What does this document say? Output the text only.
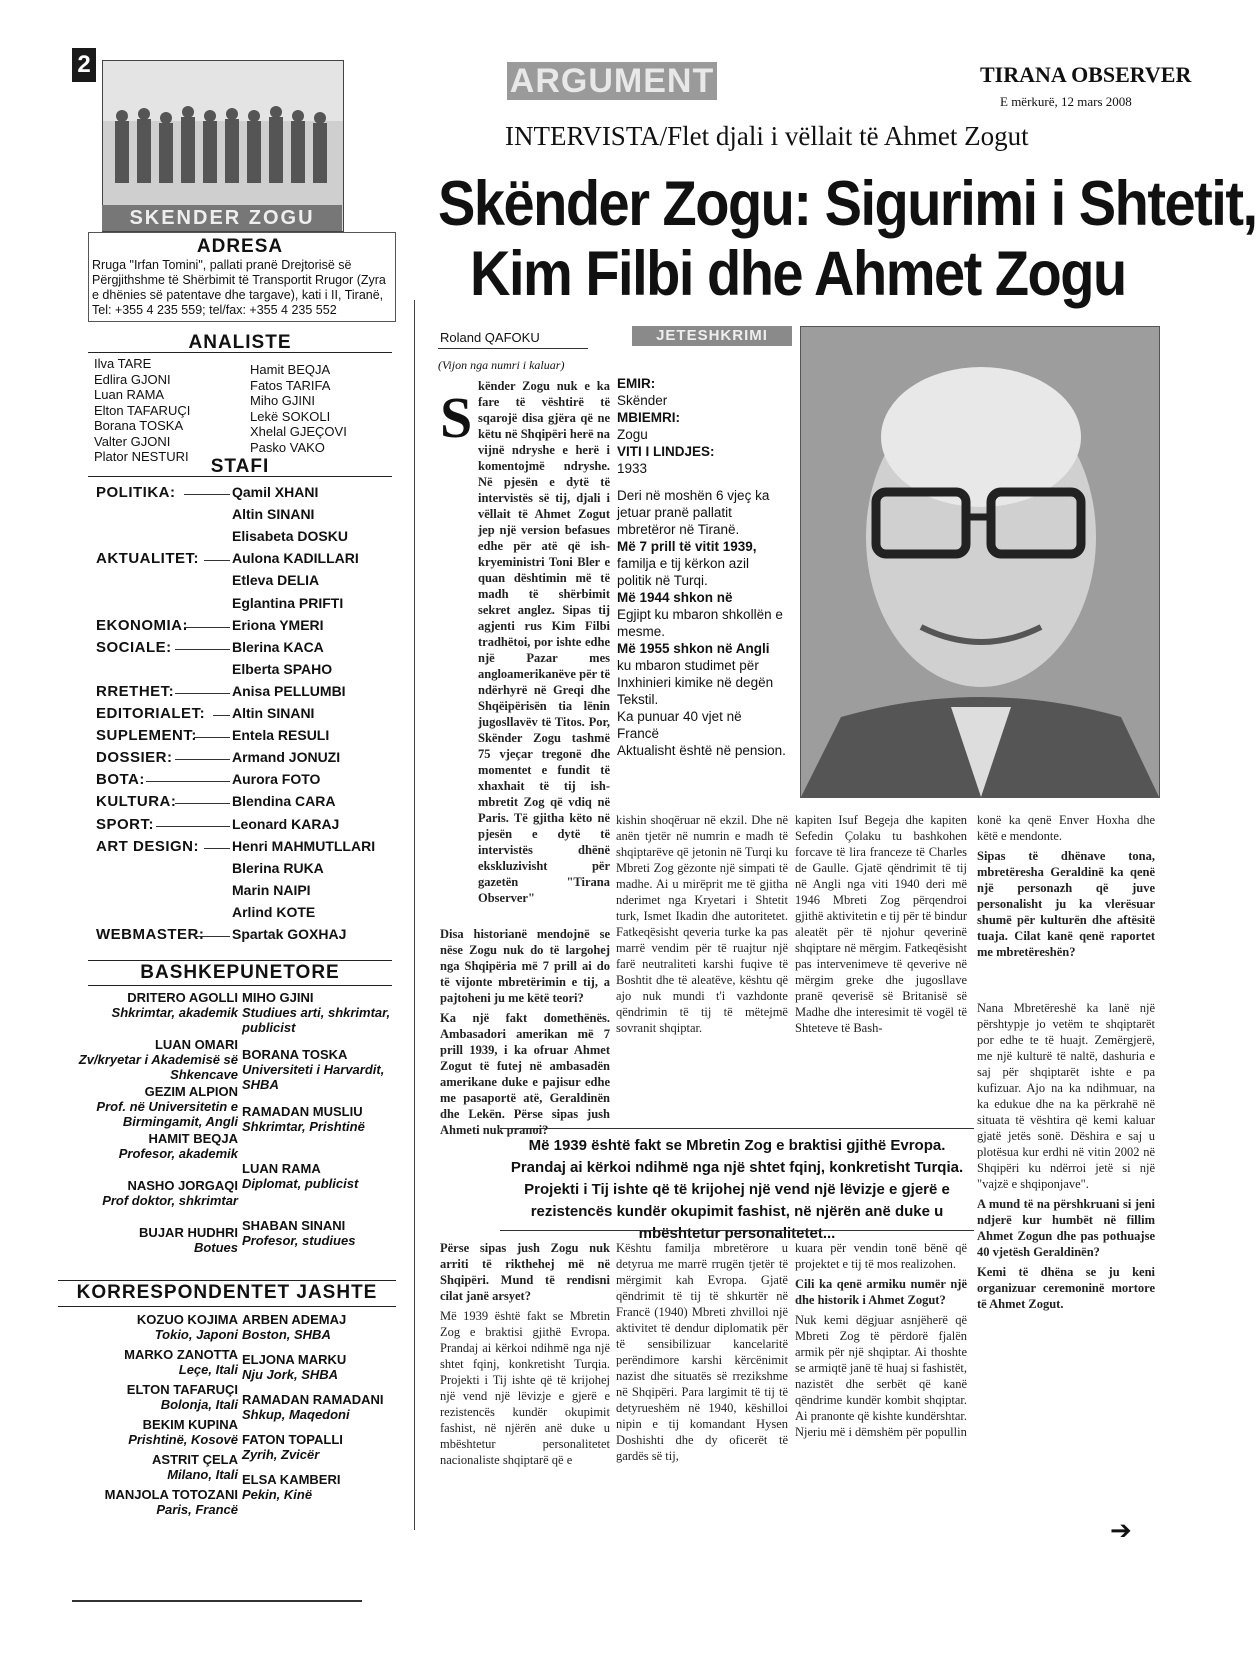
2
SKENDER ZOGU
ADRESA
Rruga "Irfan Tomini", pallati pranë Drejtorisë së
Përgjithshme të Shërbimit të Transportit Rrugor (Zyra
e dhënies së patentave dhe targave), kati i II, Tiranë,
Tel: +355 4 235 559; tel/fax: +355 4 235 552
ANALISTE
Ilva TARE
Edlira GJONI
Luan RAMA
Elton TAFARUÇI
Borana TOSKA
Valter GJONI
Plator NESTURI
Hamit BEQJA
Fatos TARIFA
Miho GJINI
Lekë SOKOLI
Xhelal GJEÇOVI
Pasko VAKO
STAFI
POLITIKA:	Qamil XHANI
Altin SINANI
Elisabeta DOSKU
AKTUALITET: Aulona KADILLARI
Etleva DELIA
Eglantina PRIFTI
EKONOMIA:	Eriona YMERI
SOCIALE:	Blerina KACA
Elberta SPAHO
RRETHET:	Anisa PELLUMBI
EDITORIALET: Altin SINANI
SUPLEMENT:	Entela RESULI
DOSSIER:	Armand JONUZI
BOTA:	Aurora FOTO
KULTURA:	Blendina CARA
SPORT:	Leonard KARAJ
ART DESIGN: Henri MAHMUTLLARI
Blerina RUKA
Marin NAIPI
Arlind KOTE
WEBMASTER: Spartak GOXHAJ
BASHKEPUNETORE
DRITERO AGOLLI
Shkrimtar, akademik
LUAN OMARI
Zv/kryetar i Akademisë së Shkencave
GEZIM ALPION
Prof. në Universitetin e Birmingamit, Angli
HAMIT BEQJA
Profesor, akademik
NASHO JORGAQI
Prof doktor, shkrimtar
BUJAR HUDHRI
Botues
MIHO GJINI
Studiues arti, shkrimtar, publicist
BORANA TOSKA
Universiteti i Harvardit, SHBA
RAMADAN MUSLIU
Shkrimtar, Prishtinë
LUAN RAMA
Diplomat, publicist
SHABAN SINANI
Profesor, studiues
KORRESPONDENTET JASHTE
KOZUO KOJIMA
Tokio, Japoni
MARKO ZANOTTA
Leçe, Itali
ELTON TAFARUÇI
Bolonja, Itali
BEKIM KUPINA
Prishtinë, Kosovë
ASTRIT ÇELA
Milano, Itali
MANJOLA TOTOZANI
Paris, Francë
ARBEN ADEMAJ
Boston, SHBA
ELJONA MARKU
Nju Jork, SHBA
RAMADAN RAMADANI
Shkup, Maqedoni
FATON TOPALLI
Zyrih, Zvicër
ELSA KAMBERI
Pekin, Kinë
ARGUMENT	TIRANA OBSERVER
E mërkurë, 12 mars 2008
INTERVISTA/Flet djali i vëllait të Ahmet Zogut
Skënder Zogu: Sigurimi i Shtetit,
Kim Filbi dhe Ahmet Zogu
Roland QAFOKU
(Vijon nga numri i kaluar)
JETESHKRIMI

EMIR:

Skënder

MBIEMRI:

Zogu

VITI I LINDJES:

1933

Deri në moshën 6 vjeç ka jetuar pranë pallatit mbretëror në Tiranë.

Më 7 prill të vitit 1939,

familja e tij kërkon azil politik në Turqi.

Më 1944 shkon në

Egjipt ku mbaron shkollën e mesme.

Më 1955 shkon në Angli

ku mbaron studimet për Inxhinieri kimike në degën Tekstil.

Ka punuar 40 vjet në Francë

Aktualisht është në pension.

S kënder Zogu nuk e ka fare të vështirë të sqarojë disa gjëra që ne këtu në Shqipëri herë na vijnë ndryshe e herë i komentojmë ndryshe. Në pjesën e dytë të intervistës së tij, djali i vëllait të Ahmet Zogut jep një version befasues edhe për atë që ish-kryeministri Toni Bler e quan dështimin më të madh të shërbimit sekret anglez. Sipas tij agjenti rus Kim Filbi tradhëtoi, por ishte edhe një Pazar mes angloamerikanëve për të ndërhyrë në Greqi dhe Shqëipërisën tia lënin jugosllavëv të Titos. Por, Skënder Zogu tashmë 75 vjeçar tregonë dhe momentet e fundit të xhaxhait të tij ish-mbretit Zog që vdiq në Paris. Të gjitha këto në pjesën e dytë të intervistës dhënë ekskluzivisht për gazetën "Tirana Observer"

Disa historianë mendojnë se nëse Zogu nuk do të largohej nga Shqipëria më 7 prill ai do të vijonte mbretërimin e tij, a pajtoheni ju me këtë teori?

Ka një fakt domethënës. Ambasadori amerikan më 7 prill 1939, i ka ofruar Ahmet Zogut të futej në ambasadën amerikane duke e pajisur edhe me pasaportë atë, Geraldinën dhe Lekën. Përse sipas jush Ahmeti nuk pranoi?

Përse sipas jush Zogu nuk arriti të rikthehej më në Shqipëri. Mund të rendisni cilat janë arsyet?

Më 1939 është fakt se Mbretin Zog e braktisi gjithë Evropa. Prandaj ai kërkoi ndihmë nga një shtet fqinj, konkretisht Turqia. Projekti i Tij ishte që të krijohej një vend një lëvizje e gjerë e rezistencës kundër okupimit fashist, në njërën anë duke u mbështetur personalitetet nacionaliste shqiptarë që e

kishin shoqëruar në ekzil. Dhe në anën tjetër në numrin e madh të shqiptarëve që jetonin në Turqi ku Mbreti Zog gëzonte një simpati të madhe. Ai u mirëprit me të gjitha nderimet nga Kryetari i Shtetit turk, Ismet Ikadin dhe autoritetet. Fatkeqësisht qeveria turke ka pas marrë vendim për të ruajtur një farë neutraliteti karshi fuqive të Boshtit dhe të aleatëve, kështu që ajo nuk mundi t'i vazhdonte qëndrimin të tij të mëtejmë sovranit shqiptar.

Kështu familja mbretërore u detyrua me marrë rrugën tjetër të mërgimit kah Evropa. Gjatë qëndrimit të tij të shkurtër në Francë (1940) Mbreti zhvilloi një aktivitet të dendur diplomatik për të sensibilizuar kancelaritë perëndimore karshi kërcënimit nazist dhe situatës së rrezikshme në Shqipëri. Para largimit të tij të detyrueshëm në 1940, këshilloi nipin e tij komandant Hysen Doshishti dhe dy oficerët të gardës së tij,

kapiten Isuf Begeja dhe kapiten Sefedin Çolaku tu bashkohen forcave të lira franceze të Charles de Gaulle. Gjatë qëndrimit të tij në Angli nga viti 1940 deri më 1946 Mbreti Zog përqendroi gjithë aktivitetin e tij për të bindur aleatët për të njohur qeverinë shqiptare në mërgim. Fatkeqësisht pas intervenimeve të qeverive në mërgim greke dhe jugosllave pranë qeverisë së Britanisë së Madhe dhe interesimit të vogël të Shteteve të Bash-

kuara për vendin tonë bënë që projektet e tij të mos realizohen.

Cili ka qenë armiku numër një dhe historik i Ahmet Zogut?

Nuk kemi dëgjuar asnjëherë që Mbreti Zog të përdorë fjalën armik për një shqiptar. Ai thoshte se armiqtë janë të huaj si fashistët, nazistët dhe serbët që kanë qëndrime kundër kombit shqiptar. Ai pranonte që kishte kundërshtar. Njeriu më i dëmshëm për popullin

konë ka qenë Enver Hoxha dhe këtë e mendonte.

Sipas të dhënave tona, mbretëresha Geraldinë ka qenë një personazh që juve personalisht ju ka vlerësuar shumë për kulturën dhe aftësitë tuaja. Cilat kanë qenë raportet me mbretëreshën?

Nana Mbretëreshë ka lanë një përshtypje jo vetëm te shqiptarët por edhe te të huajt. Zemërgjerë, me një kulturë të naltë, dashuria e saj për shqiptarët ishte e pa kufizuar. Ajo na ka ndihmuar, na ka edukue dhe na ka përkrahë në situata të vështira që kemi kaluar gjatë jetës sonë. Dëshira e saj u plotësua kur erdhi në vitin 2002 në Shqipëri ku ndërroi jetë si një "vajzë e shqiponjave".

A mund të na përshkruani si jeni ndjerë kur humbët në fillim Ahmet Zogun dhe pas pothuajse 40 vjetësh Geraldinën?

Kemi të dhëna se ju keni organizuar ceremoninë mortore të Ahmet Zogut.

Më 1939 është fakt se Mbretin Zog e braktisi gjithë Evropa. Prandaj ai kërkoi ndihmë nga një shtet fqinj, konkretisht Turqia. Projekti i Tij ishte që të krijohej një vend një lëvizje e gjerë e rezistencës kundër okupimit fashist, në njërën anë duke u mbështetur personalitetet...
➔
